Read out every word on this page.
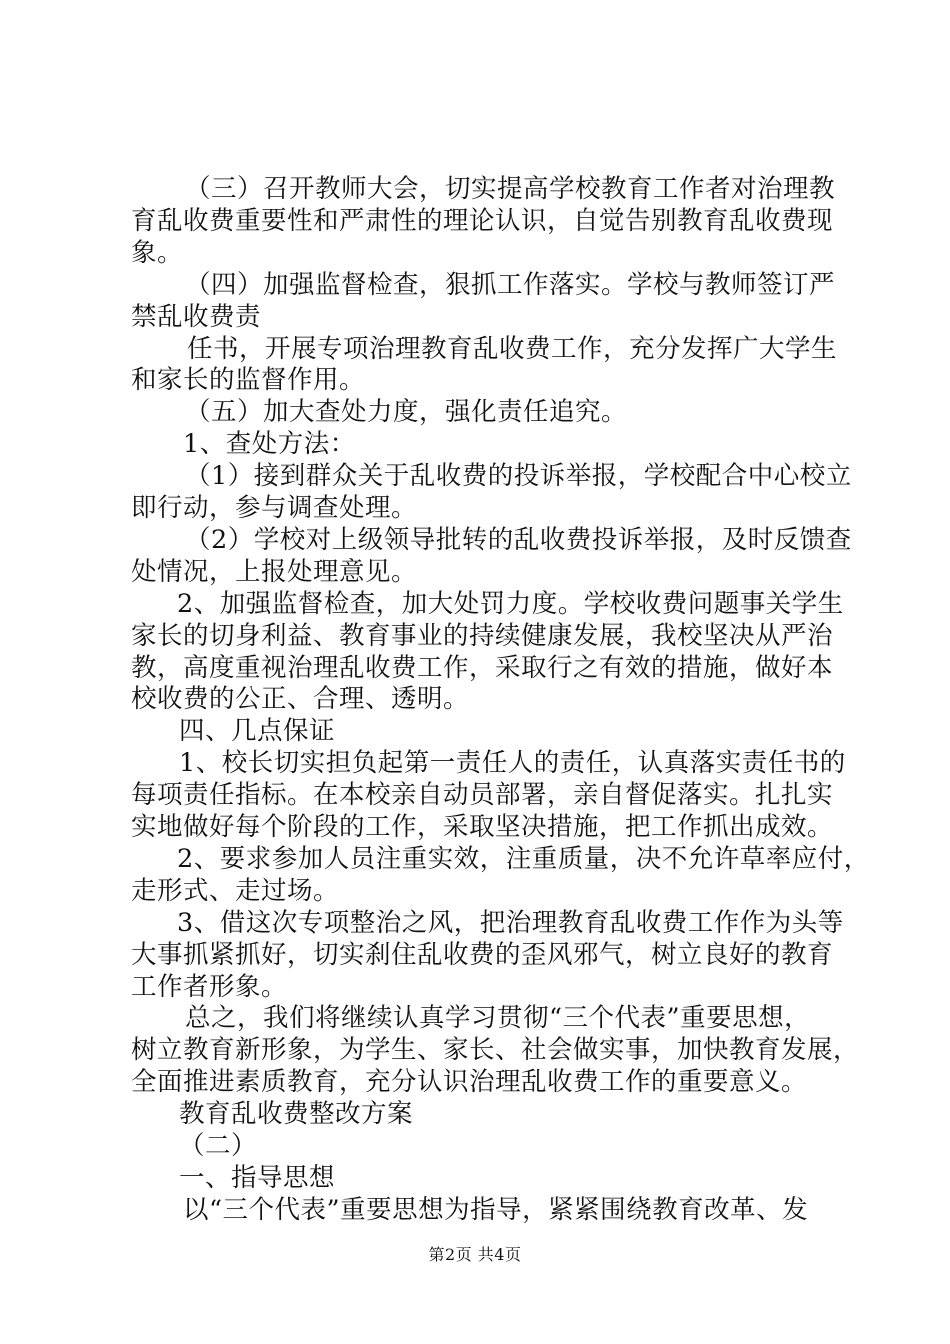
（三）召开教师大会，切实提高学校教育工作者对治理教
育乱收费重要性和严肃性的理论认识，自觉告别教育乱收费现
象。
（四）加强监督检查，狠抓工作落实。学校与教师签订严
禁乱收费责
任书，开展专项治理教育乱收费工作，充分发挥广大学生
和家长的监督作用。
（五）加大查处力度，强化责任追究。
1、查处方法：
（1）接到群众关于乱收费的投诉举报，学校配合中心校立
即行动，参与调查处理。
（2）学校对上级领导批转的乱收费投诉举报，及时反馈查
处情况，上报处理意见。
2、加强监督检查，加大处罚力度。学校收费问题事关学生
家长的切身利益、教育事业的持续健康发展，我校坚决从严治
教，高度重视治理乱收费工作，采取行之有效的措施，做好本
校收费的公正、合理、透明。
四、几点保证
1、校长切实担负起第一责任人的责任，认真落实责任书的
每项责任指标。在本校亲自动员部署，亲自督促落实。扎扎实
实地做好每个阶段的工作，采取坚决措施，把工作抓出成效。
2、要求参加人员注重实效，注重质量，决不允许草率应付，
走形式、走过场。
3、借这次专项整治之风，把治理教育乱收费工作作为头等
大事抓紧抓好，切实刹住乱收费的歪风邪气，树立良好的教育
工作者形象。
总之，我们将继续认真学习贯彻“三个代表”重要思想，
树立教育新形象，为学生、家长、社会做实事，加快教育发展，
全面推进素质教育，充分认识治理乱收费工作的重要意义。
教育乱收费整改方案
（二）
第2页 共4页
一、指导思想
以“三个代表”重要思想为指导，紧紧围绕教育改革、发
